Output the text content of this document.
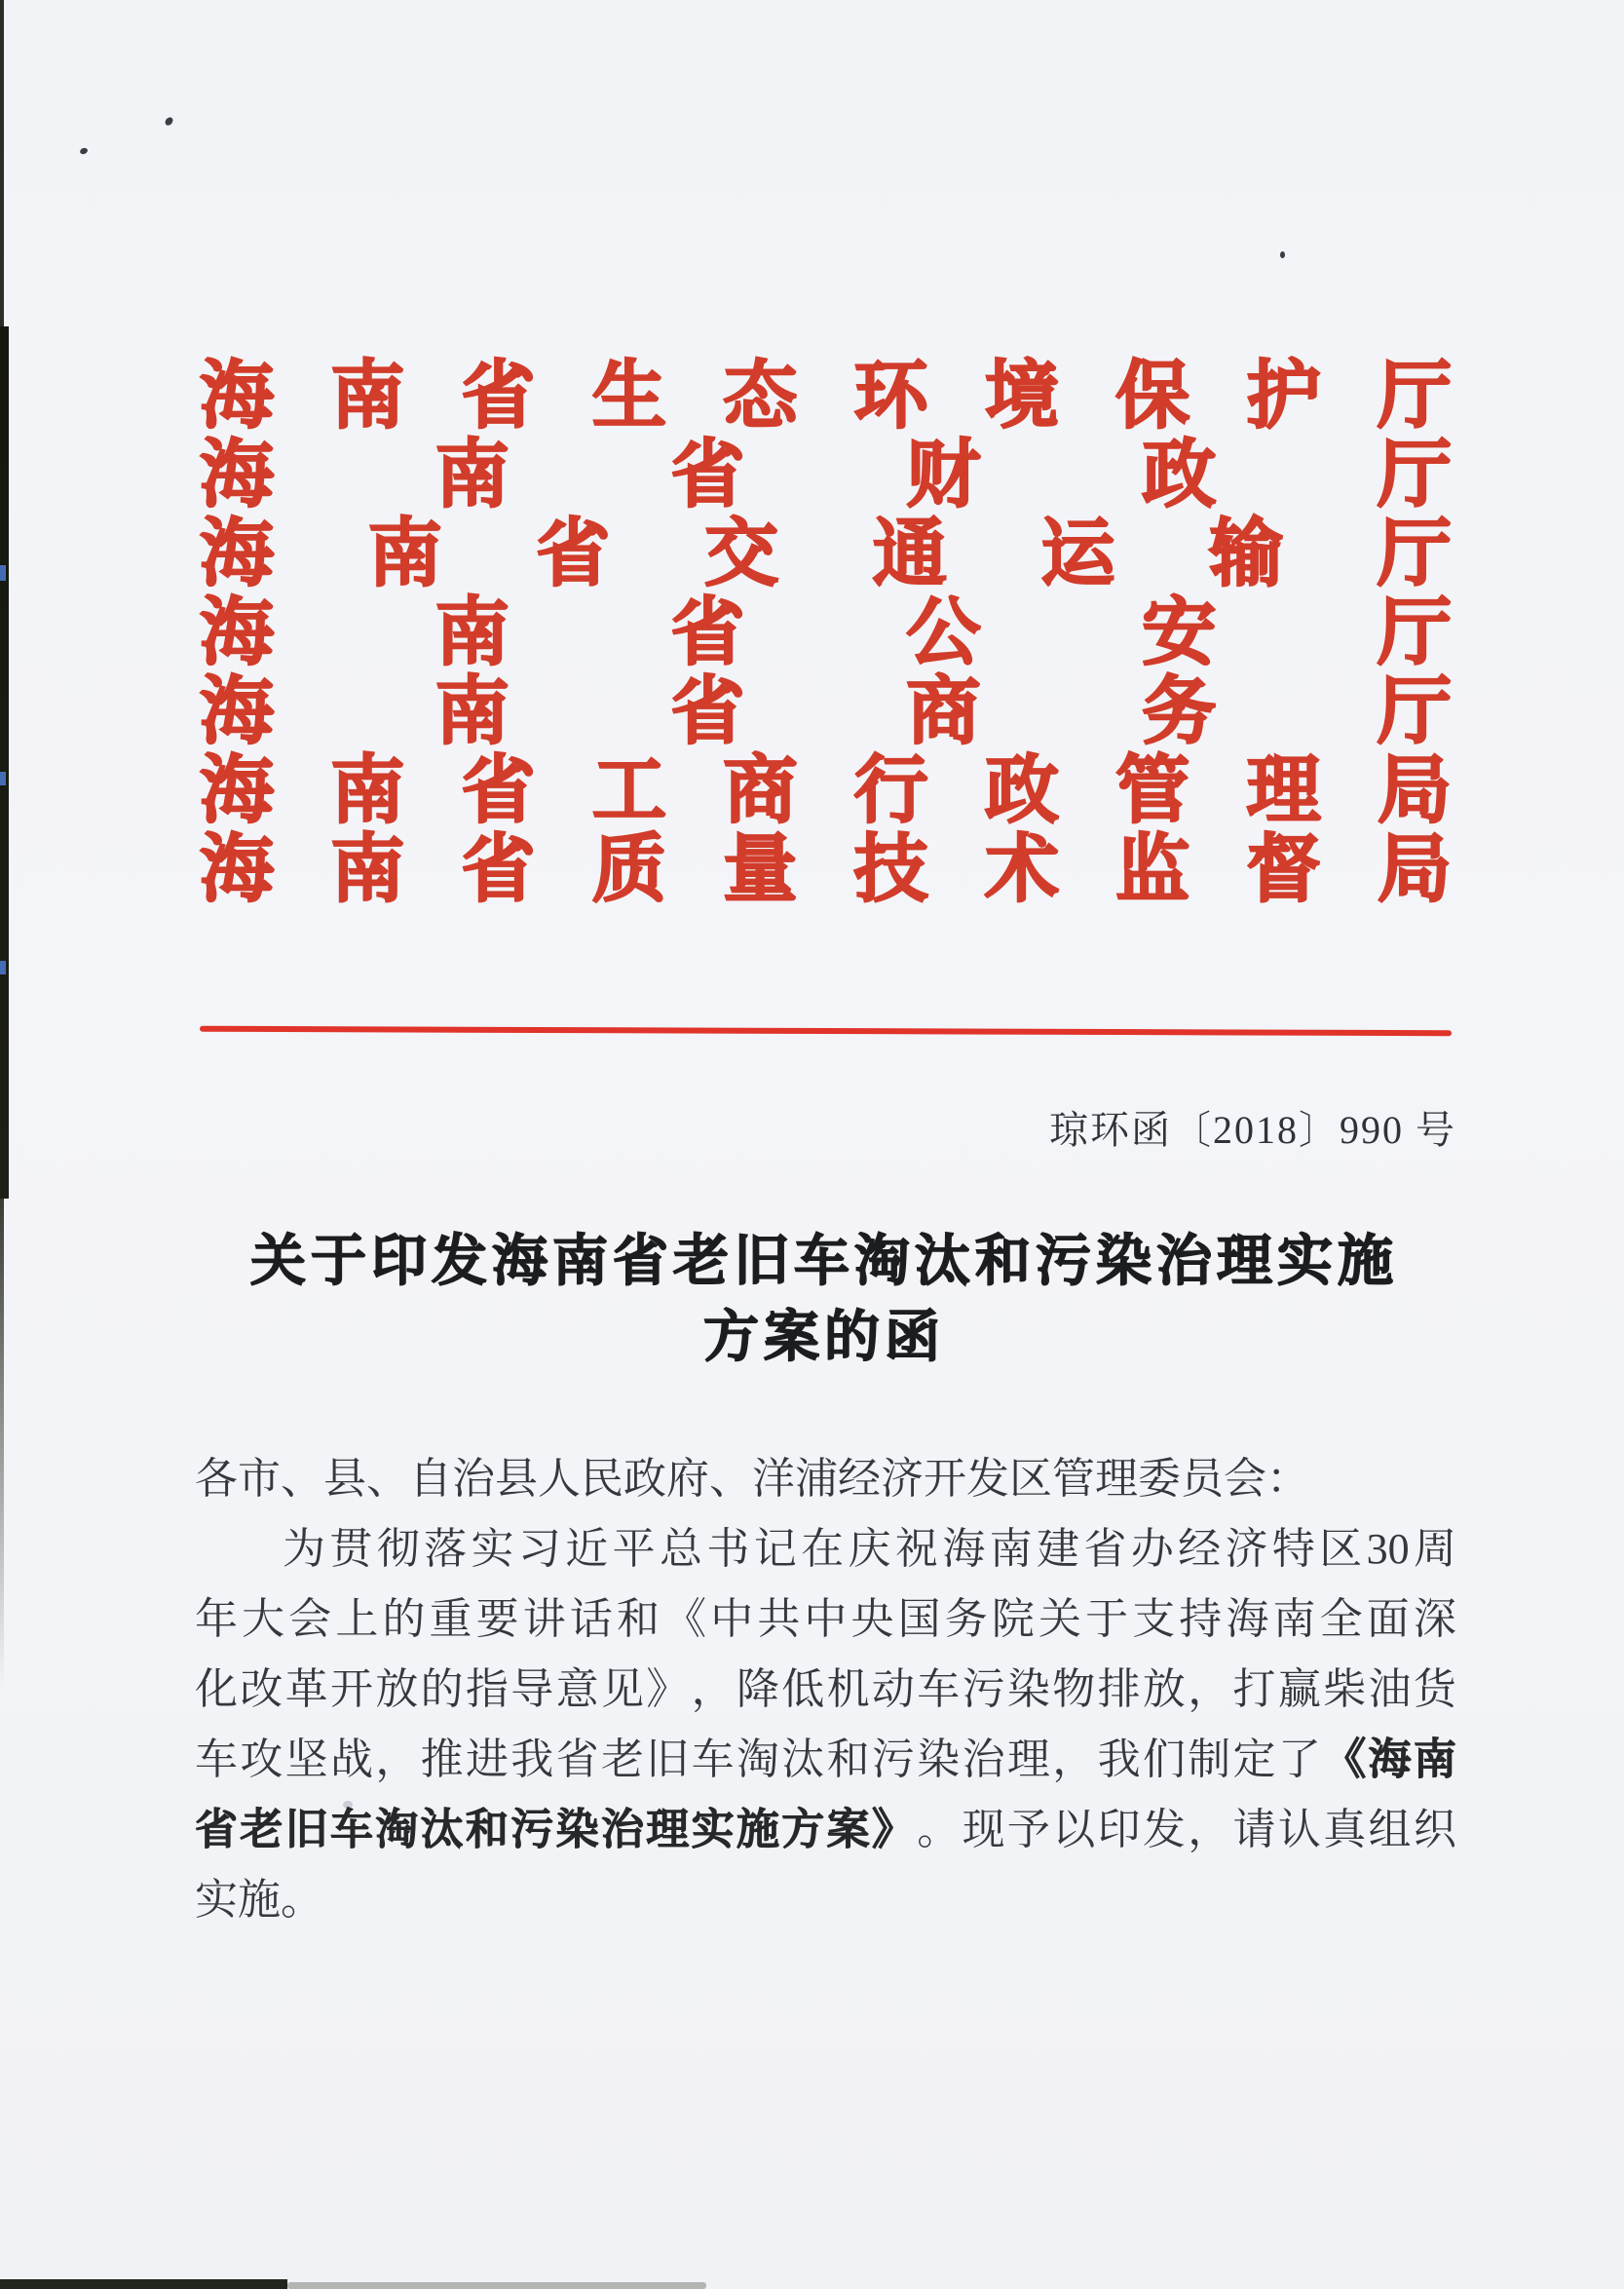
海 南 省 生 态 环 境 保 护 厅
海 南 省 财 政 厅
海 南 省 交 通 运 输 厅
海 南 省 公 安 厅
海 南 省 商 务 厅
海 南 省 工 商 行 政 管 理 局
海 南 省 质 量 技 术 监 督 局
琼环函〔2018〕990 号
关于印发海南省老旧车淘汰和污染治理实施
方案的函
各市、县、自治县人民政府、洋浦经济开发区管理委员会：
为 贯 彻 落 实 习 近 平 总 书 记 在 庆 祝 海 南 建 省 办 经 济 特 区 30 周
年 大 会 上 的 重 要 讲 话 和 《 中 共 中 央 国 务 院 关 于 支 持 海 南 全 面 深
化 改 革 开 放 的 指 导 意 见 》 ， 降 低 机 动 车 污 染 物 排 放 ， 打 赢 柴 油 货
车 攻 坚 战 ， 推 进 我 省 老 旧 车 淘 汰 和 污 染 治 理 ， 我 们 制 定 了 《 海 南
省 老 旧 车 淘 汰 和 污 染 治 理 实 施 方 案 》 。 现 予 以 印 发 ， 请 认 真 组 织
实施。
